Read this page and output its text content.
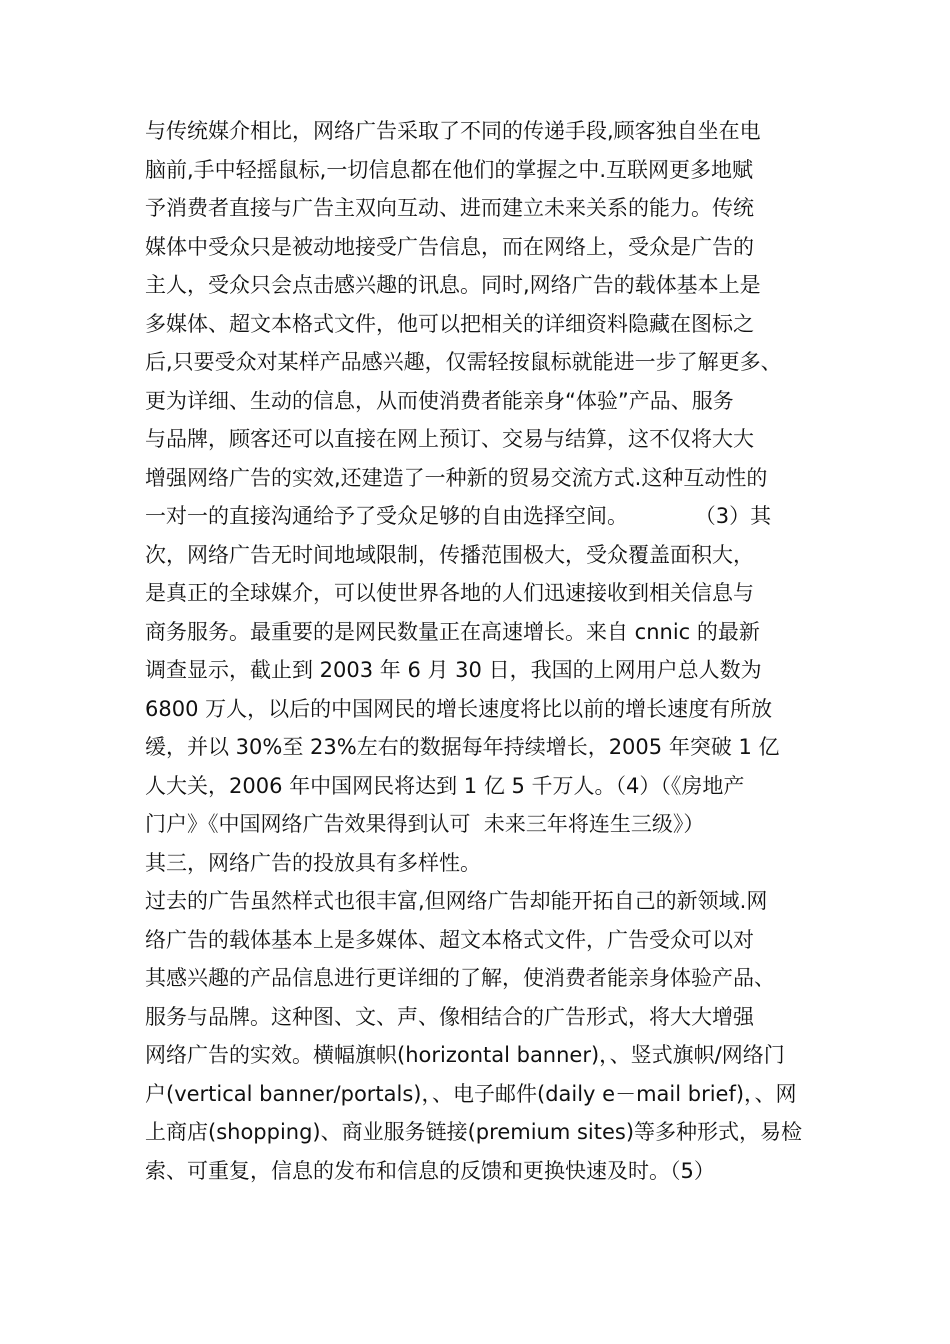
与传统媒介相比，网络广告采取了不同的传递手段,顾客独自坐在电
脑前,手中轻摇鼠标,一切信息都在他们的掌握之中.互联网更多地赋
予消费者直接与广告主双向互动、进而建立未来关系的能力。传统
媒体中受众只是被动地接受广告信息，而在网络上，受众是广告的
主人，受众只会点击感兴趣的讯息。同时,网络广告的载体基本上是
多媒体、超文本格式文件，他可以把相关的详细资料隐藏在图标之
后,只要受众对某样产品感兴趣，仅需轻按鼠标就能进一步了解更多、
更为详细、生动的信息，从而使消费者能亲身“体验”产品、服务
与品牌，顾客还可以直接在网上预订、交易与结算，这不仅将大大
增强网络广告的实效,还建造了一种新的贸易交流方式.这种互动性的
一对一的直接沟通给予了受众足够的自由选择空间。          （3）其
次，网络广告无时间地域限制，传播范围极大，受众覆盖面积大，
是真正的全球媒介，可以使世界各地的人们迅速接收到相关信息与
商务服务。最重要的是网民数量正在高速增长。来自 cnnic 的最新
调查显示，截止到 2003 年 6 月 30 日，我国的上网用户总人数为
6800 万人，以后的中国网民的增长速度将比以前的增长速度有所放
缓，并以 30%至 23%左右的数据每年持续增长，2005 年突破 1 亿
人大关，2006 年中国网民将达到 1 亿 5 千万人。（4）（《房地产
门户》《中国网络广告效果得到认可  未来三年将连生三级》）
其三，网络广告的投放具有多样性。
过去的广告虽然样式也很丰富,但网络广告却能开拓自己的新领域.网
络广告的载体基本上是多媒体、超文本格式文件，广告受众可以对
其感兴趣的产品信息进行更详细的了解，使消费者能亲身体验产品、
服务与品牌。这种图、文、声、像相结合的广告形式，将大大增强
网络广告的实效。横幅旗帜(horizontal banner)，、竖式旗帜/网络门
户(vertical banner/portals)，、电子邮件(daily e－mail brief)，、网
上商店(shopping)、商业服务链接(premium sites)等多种形式，易检
索、可重复，信息的发布和信息的反馈和更换快速及时。（5）
